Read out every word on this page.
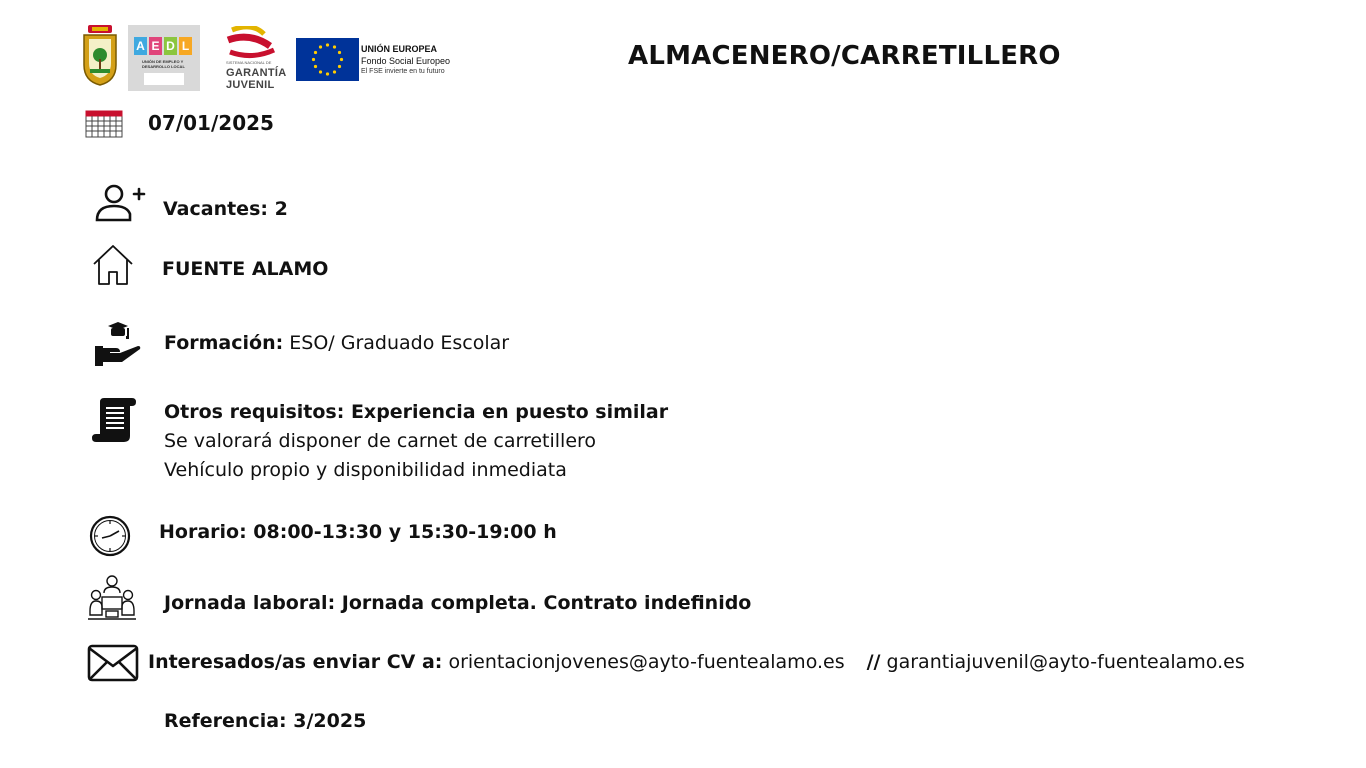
A E D L
UNIÓN DE EMPLEO Y DESARROLLO LOCAL
SISTEMA NACIONAL DE
GARANTÍA
JUVENIL
UNIÓN EUROPEA
Fondo Social Europeo
El FSE invierte en tu futuro
ALMACENERO/CARRETILLERO
07/01/2025
Vacantes: 2
FUENTE ALAMO
Formación: ESO/ Graduado Escolar
Otros requisitos: Experiencia en puesto similar
Se valorará disponer de carnet de carretillero
Vehículo propio y disponibilidad inmediata
Horario: 08:00-13:30 y 15:30-19:00 h
Jornada laboral: Jornada completa. Contrato indefinido
Interesados/as enviar CV a: orientacionjovenes@ayto-fuentealamo.es // garantiajuvenil@ayto-fuentealamo.es
Referencia: 3/2025
